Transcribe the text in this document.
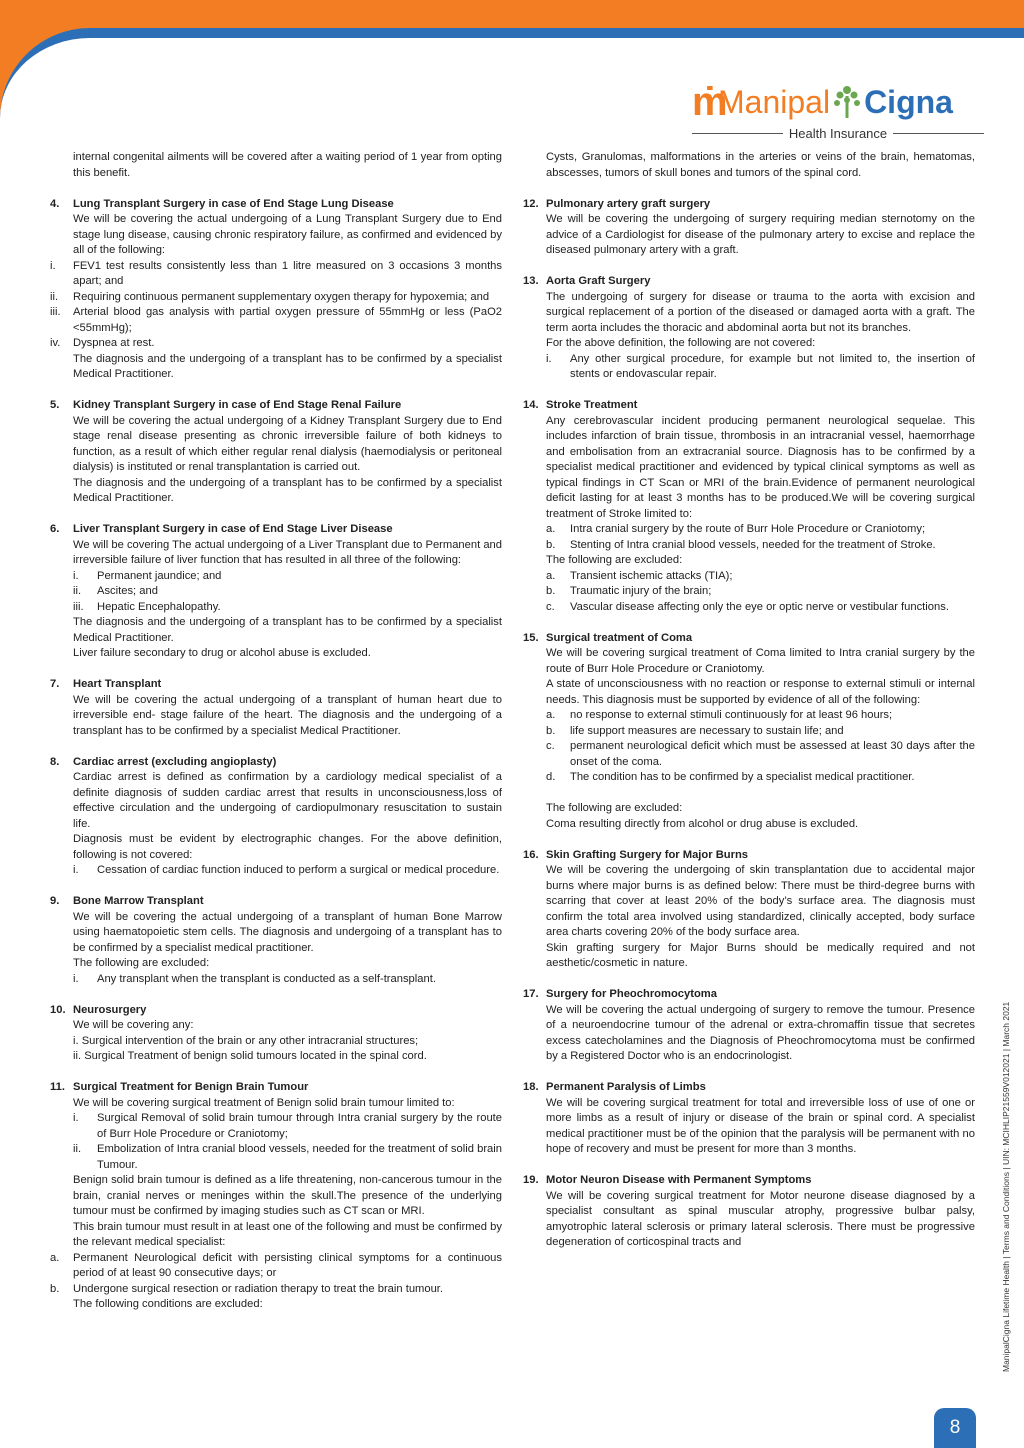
ṁ
Manipal Cigna
Health Insurance

internal congenital ailments will be covered after a waiting period of 1 year from opting this benefit.

4.	Lung Transplant Surgery in case of End Stage Lung Disease

We will be covering the actual undergoing of a Lung Transplant Surgery due to End stage lung disease, causing chronic respiratory failure, as confirmed and evidenced by all of the following:

i.	FEV1 test results consistently less than 1 litre measured on 3 occasions 3 months apart; and
ii.	Requiring continuous permanent supplementary oxygen therapy for hypoxemia; and
iii.	Arterial blood gas analysis with partial oxygen pressure of 55mmHg or less (PaO2 <55mmHg);
iv.	Dyspnea at rest.

The diagnosis and the undergoing of a transplant has to be confirmed by a specialist Medical Practitioner.

5.	Kidney Transplant Surgery in case of End Stage Renal Failure

We will be covering the actual undergoing of a Kidney Transplant Surgery due to End stage renal disease presenting as chronic irreversible failure of both kidneys to function, as a result of which either regular renal dialysis (haemodialysis or peritoneal dialysis) is instituted or renal transplantation is carried out.

The diagnosis and the undergoing of a transplant has to be confirmed by a specialist Medical Practitioner.

6.	Liver Transplant Surgery in case of End Stage Liver Disease

We will be covering The actual undergoing of a Liver Transplant due to Permanent and irreversible failure of liver function that has resulted in all three of the following:

i.	Permanent jaundice; and
ii.	Ascites; and
iii.	Hepatic Encephalopathy.

The diagnosis and the undergoing of a transplant has to be confirmed by a specialist Medical Practitioner.

Liver failure secondary to drug or alcohol abuse is excluded.

7.	Heart Transplant

We will be covering the actual undergoing of a transplant of human heart due to irreversible end- stage failure of the heart. The diagnosis and the undergoing of a transplant has to be confirmed by a specialist Medical Practitioner.

8.	Cardiac arrest (excluding angioplasty)

Cardiac arrest is defined as confirmation by a cardiology medical specialist of a definite diagnosis of sudden cardiac arrest that results in unconsciousness,loss of effective circulation and the undergoing of cardiopulmonary resuscitation to sustain life.

Diagnosis must be evident by electrographic changes. For the above definition, following is not covered:

i.	Cessation of cardiac function induced to perform a surgical or medical procedure.
9.	Bone Marrow Transplant

We will be covering the actual undergoing of a transplant of human Bone Marrow using haematopoietic stem cells. The diagnosis and undergoing of a transplant has to be confirmed by a specialist medical practitioner.

The following are excluded:

i.	Any transplant when the transplant is conducted as a self-transplant.
10. Neurosurgery

We will be covering any:

i. Surgical intervention of the brain or any other intracranial structures;

ii. Surgical Treatment of benign solid tumours located in the spinal cord.

11. Surgical Treatment for Benign Brain Tumour

We will be covering surgical treatment of Benign solid brain tumour limited to:

i.	Surgical Removal of solid brain tumour through Intra cranial surgery by the route of Burr Hole Procedure or Craniotomy;
ii.	Embolization of Intra cranial blood vessels, needed for the treatment of solid brain Tumour.

Benign solid brain tumour is defined as a life threatening, non-cancerous tumour in the brain, cranial nerves or meninges within the skull.The presence of the underlying tumour must be confirmed by imaging studies such as CT scan or MRI.

This brain tumour must result in at least one of the following and must be confirmed by the relevant medical specialist:

a.	Permanent Neurological deficit with persisting clinical symptoms for a continuous period of at least 90 consecutive days; or
b.	Undergone surgical resection or radiation therapy to treat the brain tumour.

The following conditions are excluded:

Cysts, Granulomas, malformations in the arteries or veins of the brain, hematomas, abscesses, tumors of skull bones and tumors of the spinal cord.

12. Pulmonary artery graft surgery

We will be covering the undergoing of surgery requiring median sternotomy on the advice of a Cardiologist for disease of the pulmonary artery to excise and replace the diseased pulmonary artery with a graft.

13. Aorta Graft Surgery

The undergoing of surgery for disease or trauma to the aorta with excision and surgical replacement of a portion of the diseased or damaged aorta with a graft. The term aorta includes the thoracic and abdominal aorta but not its branches.

For the above definition, the following are not covered:

i.	Any other surgical procedure, for example but not limited to, the insertion of stents or endovascular repair.
14. Stroke Treatment

Any cerebrovascular incident producing permanent neurological sequelae. This includes infarction of brain tissue, thrombosis in an intracranial vessel, haemorrhage and embolisation from an extracranial source. Diagnosis has to be confirmed by a specialist medical practitioner and evidenced by typical clinical symptoms as well as typical findings in CT Scan or MRI of the brain.Evidence of permanent neurological deficit lasting for at least 3 months has to be produced.We will be covering surgical treatment of Stroke limited to:

a.	Intra cranial surgery by the route of Burr Hole Procedure or Craniotomy;
b.	Stenting of Intra cranial blood vessels, needed for the treatment of Stroke.

The following are excluded:

a.	Transient ischemic attacks (TIA);
b.	Traumatic injury of the brain;
c.	Vascular disease affecting only the eye or optic nerve or vestibular functions.
15. Surgical treatment of Coma

We will be covering surgical treatment of Coma limited to Intra cranial surgery by the route of Burr Hole Procedure or Craniotomy.

A state of unconsciousness with no reaction or response to external stimuli or internal needs. This diagnosis must be supported by evidence of all of the following:

a.	no response to external stimuli continuously for at least 96 hours;
b.	life support measures are necessary to sustain life; and
c.	permanent neurological deficit which must be assessed at least 30 days after the onset of the coma.
d.	The condition has to be confirmed by a specialist medical practitioner.

The following are excluded:

Coma resulting directly from alcohol or drug abuse is excluded.

16. Skin Grafting Surgery for Major Burns

We will be covering the undergoing of skin transplantation due to accidental major burns where major burns is as defined below: There must be third-degree burns with scarring that cover at least 20% of the body’s surface area. The diagnosis must confirm the total area involved using standardized, clinically accepted, body surface area charts covering 20% of the body surface area.

Skin grafting surgery for Major Burns should be medically required and not aesthetic/cosmetic in nature.

17. Surgery for Pheochromocytoma

We will be covering the actual undergoing of surgery to remove the tumour. Presence of a neuroendocrine tumour of the adrenal or extra-chromaffin tissue that secretes excess catecholamines and the Diagnosis of Pheochromocytoma must be confirmed by a Registered Doctor who is an endocrinologist.

18. Permanent Paralysis of Limbs

We will be covering surgical treatment for total and irreversible loss of use of one or more limbs as a result of injury or disease of the brain or spinal cord. A specialist medical practitioner must be of the opinion that the paralysis will be permanent with no hope of recovery and must be present for more than 3 months.

19. Motor Neuron Disease with Permanent Symptoms

We will be covering surgical treatment for Motor neurone disease diagnosed by a specialist consultant as spinal muscular atrophy, progressive bulbar palsy, amyotrophic lateral sclerosis or primary lateral sclerosis. There must be progressive degeneration of corticospinal tracts and	ManipalCigna Lifetime Health | Terms and Conditions | UIN: MCIHLIP21559V012021 | March 2021
8
